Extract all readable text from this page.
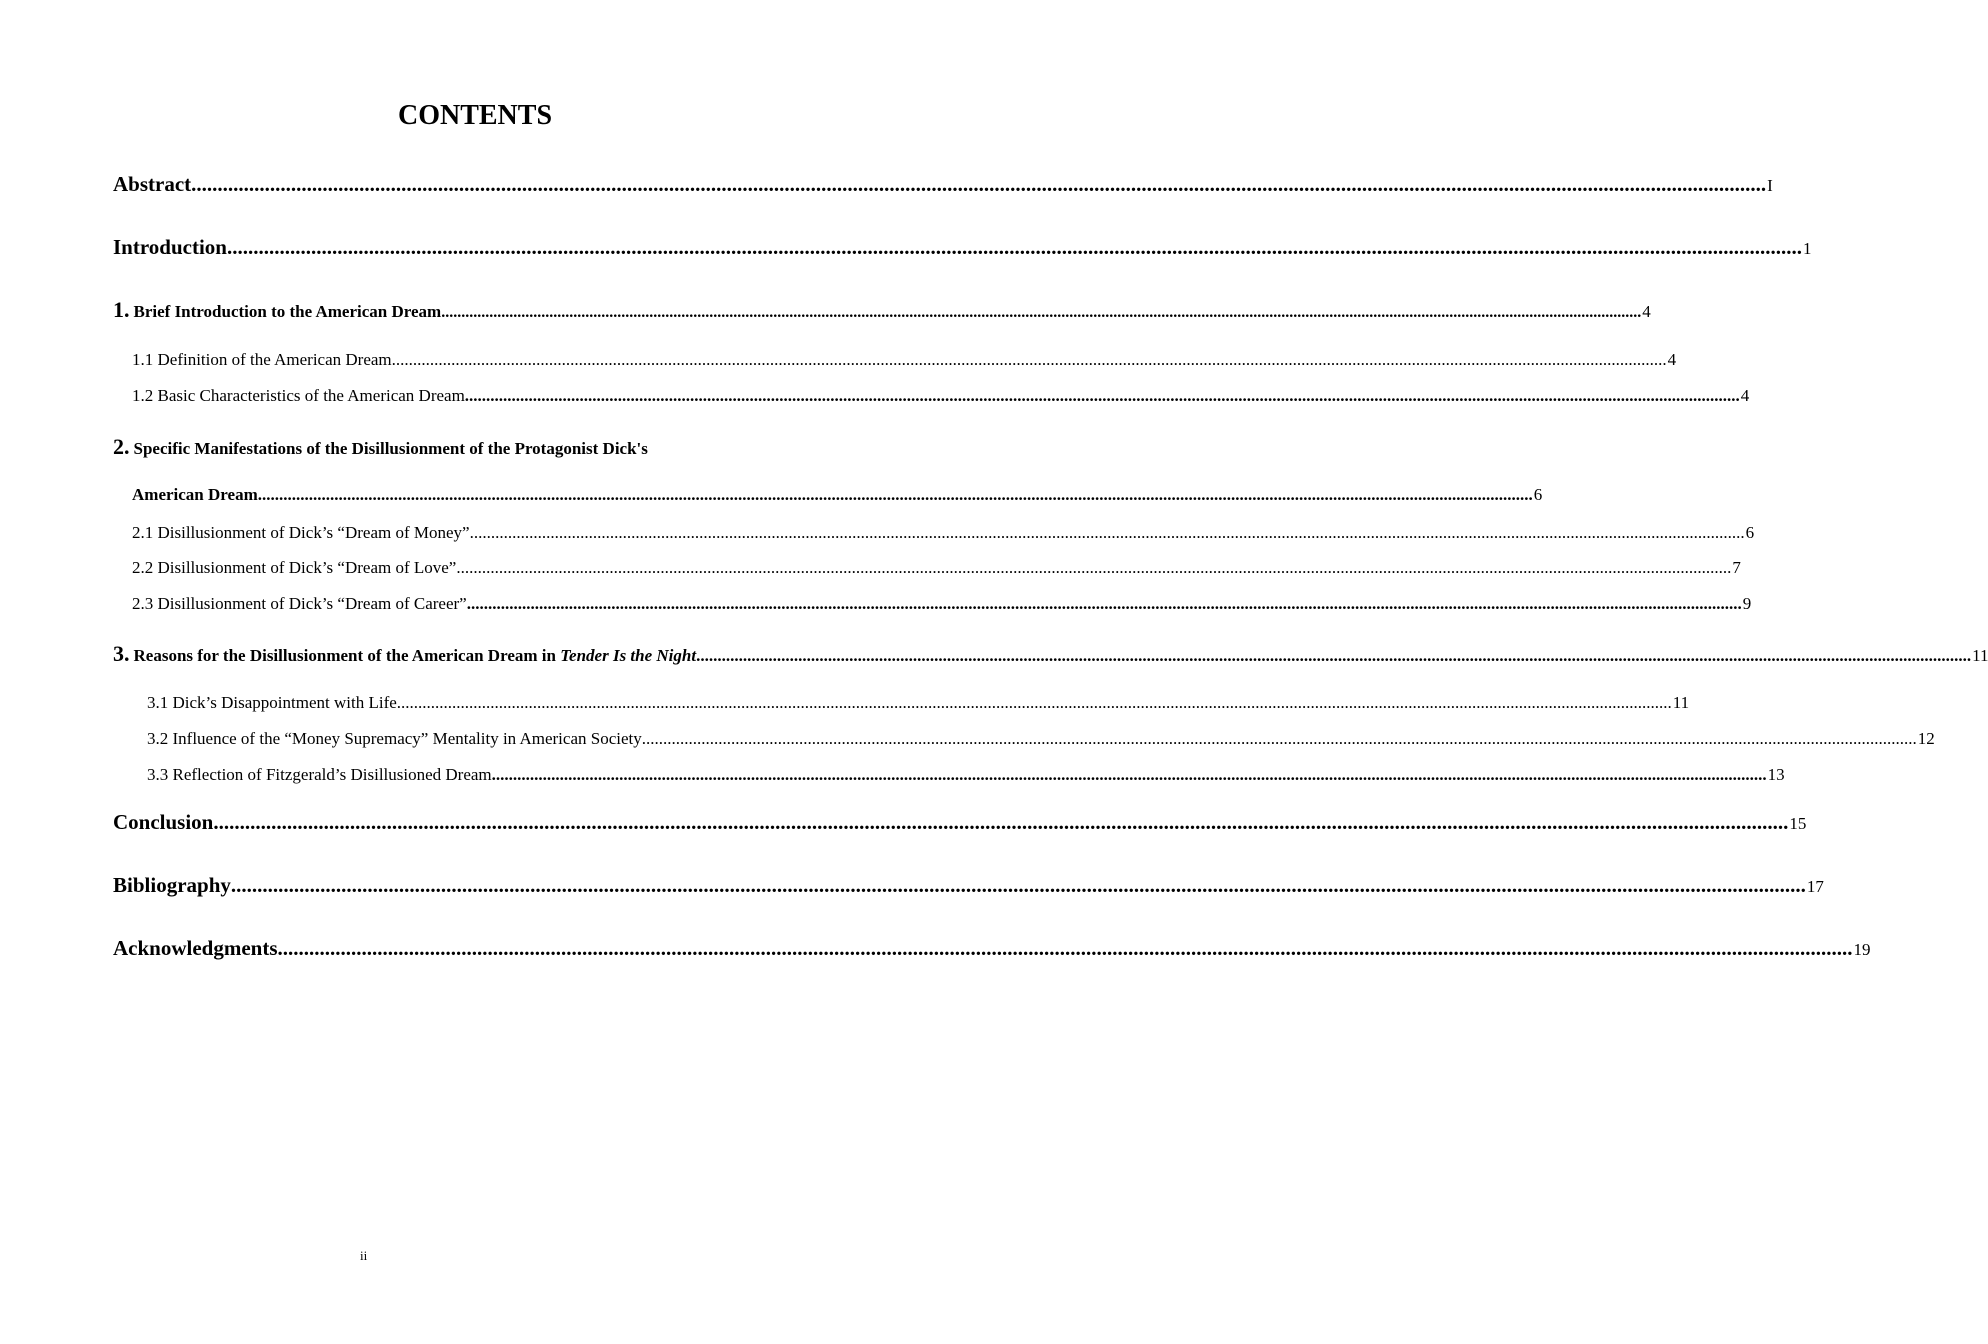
CONTENTS
Abstract ............................................................................................................................................................................................................................................................................................................ I
Introduction ............................................................................................................................................................................................................................................................................................................ 1
1. Brief Introduction to the American Dream ............................................................................................................................................................................................................................................................................................................ 4
1.1 Definition of the American Dream ............................................................................................................................................................................................................................................................................................................ 4
1.2 Basic Characteristics of the American Dream ............................................................................................................................................................................................................................................................................................................ 4
2. Specific Manifestations of the Disillusionment of the Protagonist Dick's
American Dream ............................................................................................................................................................................................................................................................................................................ 6
2.1 Disillusionment of Dick’s “Dream of Money” ............................................................................................................................................................................................................................................................................................................ 6
2.2 Disillusionment of Dick’s “Dream of Love” ............................................................................................................................................................................................................................................................................................................ 7
2.3 Disillusionment of Dick’s “Dream of Career” ............................................................................................................................................................................................................................................................................................................ 9
3. Reasons for the Disillusionment of the American Dream in Tender Is the Night ............................................................................................................................................................................................................................................................................................................ 11
3.1 Dick’s Disappointment with Life ............................................................................................................................................................................................................................................................................................................ 11
3.2 Influence of the “Money Supremacy” Mentality in American Society ............................................................................................................................................................................................................................................................................................................ 12
3.3 Reflection of Fitzgerald’s Disillusioned Dream ............................................................................................................................................................................................................................................................................................................ 13
Conclusion ............................................................................................................................................................................................................................................................................................................ 15
Bibliography ............................................................................................................................................................................................................................................................................................................ 17
Acknowledgments ............................................................................................................................................................................................................................................................................................................ 19
ii
